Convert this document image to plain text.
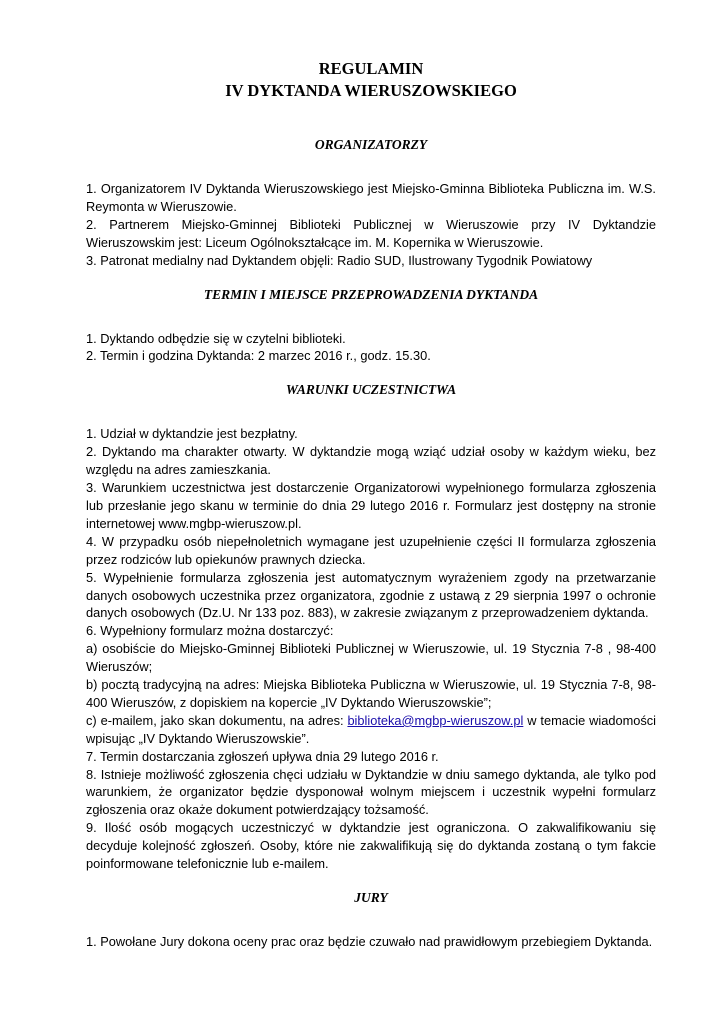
REGULAMIN

IV DYKTANDA WIERUSZOWSKIEGO

ORGANIZATORZY

1. Organizatorem IV Dyktanda Wieruszowskiego jest Miejsko-Gminna Biblioteka Publiczna im. W.S. Reymonta w Wieruszowie.

2. Partnerem Miejsko-Gminnej Biblioteki Publicznej w Wieruszowie przy IV Dyktandzie Wieruszowskim jest: Liceum Ogólnokształcące im. M. Kopernika w Wieruszowie.

3. Patronat medialny nad Dyktandem objęli: Radio SUD, Ilustrowany Tygodnik Powiatowy

TERMIN I MIEJSCE PRZEPROWADZENIA DYKTANDA

1. Dyktando odbędzie się w czytelni biblioteki.

2. Termin i godzina Dyktanda: 2 marzec 2016 r., godz. 15.30.

WARUNKI UCZESTNICTWA

1. Udział w dyktandzie jest bezpłatny.

2. Dyktando ma charakter otwarty. W dyktandzie mogą wziąć udział osoby w każdym wieku, bez względu na adres zamieszkania.

3. Warunkiem uczestnictwa jest dostarczenie Organizatorowi wypełnionego formularza zgłoszenia lub przesłanie jego skanu w terminie do dnia 29 lutego 2016 r. Formularz jest dostępny na stronie internetowej www.mgbp-wieruszow.pl.

4. W przypadku osób niepełnoletnich wymagane jest uzupełnienie części II formularza zgłoszenia przez rodziców lub opiekunów prawnych dziecka.

5. Wypełnienie formularza zgłoszenia jest automatycznym wyrażeniem zgody na przetwarzanie danych osobowych uczestnika przez organizatora, zgodnie z ustawą z 29 sierpnia 1997 o ochronie danych osobowych (Dz.U. Nr 133 poz. 883), w zakresie związanym z przeprowadzeniem dyktanda.

6. Wypełniony formularz można dostarczyć:

a) osobiście do Miejsko-Gminnej Biblioteki Publicznej w Wieruszowie, ul. 19 Stycznia 7-8 , 98-400 Wieruszów;

b) pocztą tradycyjną na adres: Miejska Biblioteka Publiczna w Wieruszowie, ul. 19 Stycznia 7-8, 98-400 Wieruszów, z dopiskiem na kopercie „IV Dyktando Wieruszowskie”;

c) e-mailem, jako skan dokumentu, na adres: biblioteka@mgbp-wieruszow.pl w temacie wiadomości wpisując „IV Dyktando Wieruszowskie”.

7. Termin dostarczania zgłoszeń upływa dnia 29 lutego 2016 r.

8. Istnieje możliwość zgłoszenia chęci udziału w Dyktandzie w dniu samego dyktanda, ale tylko pod warunkiem, że organizator będzie dysponował wolnym miejscem i uczestnik wypełni formularz zgłoszenia oraz okaże dokument potwierdzający tożsamość.

9. Ilość osób mogących uczestniczyć w dyktandzie jest ograniczona. O zakwalifikowaniu się decyduje kolejność zgłoszeń. Osoby, które nie zakwalifikują się do dyktanda zostaną o tym fakcie poinformowane telefonicznie lub e-mailem.

JURY

1. Powołane Jury dokona oceny prac oraz będzie czuwało nad prawidłowym przebiegiem Dyktanda.
